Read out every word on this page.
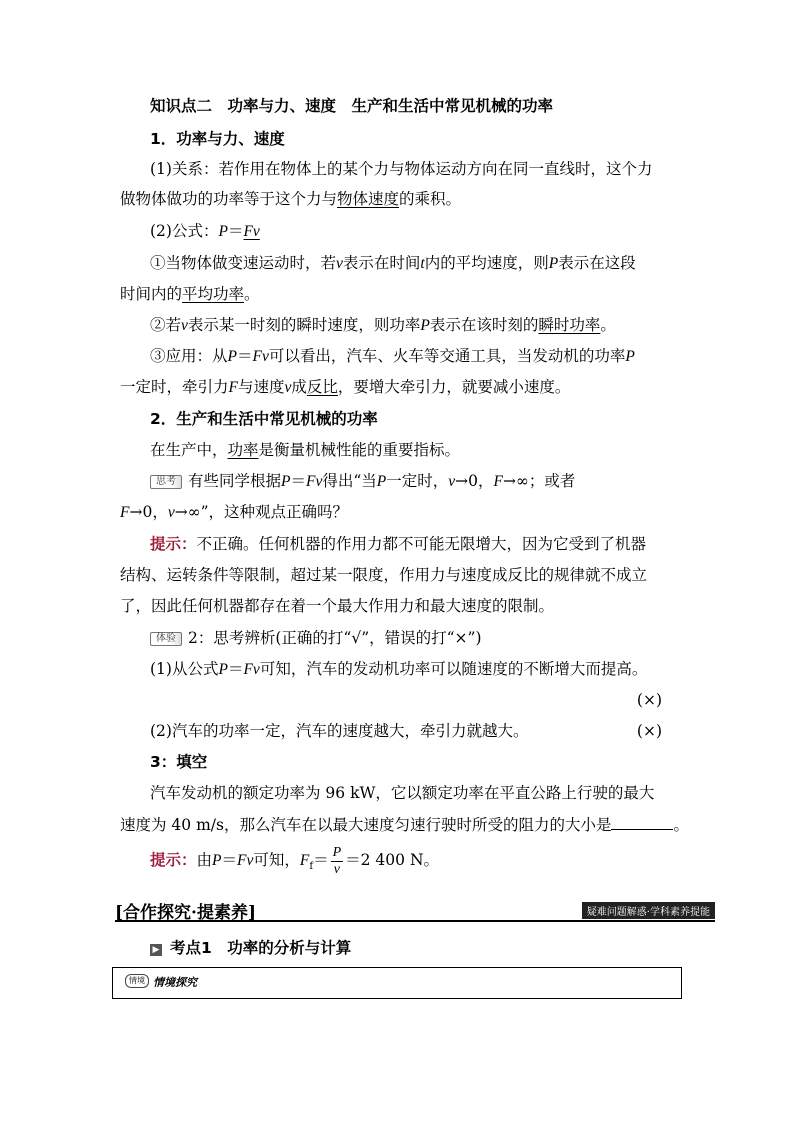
知识点二　功率与力、速度　生产和生活中常见机械的功率
1．功率与力、速度
(1)关系：若作用在物体上的某个力与物体运动方向在同一直线时，这个力
做物体做功的功率等于这个力与物体速度的乘积。
(2)公式：P＝Fv
①当物体做变速运动时，若v表示在时间t内的平均速度，则P表示在这段
时间内的平均功率。
②若v表示某一时刻的瞬时速度，则功率P表示在该时刻的瞬时功率。
③应用：从P＝Fv可以看出，汽车、火车等交通工具，当发动机的功率P
一定时，牵引力F与速度v成反比，要增大牵引力，就要减小速度。
2．生产和生活中常见机械的功率
在生产中，功率是衡量机械性能的重要指标。
思考 有些同学根据P＝Fv得出“当P一定时，v→0，F→∞；或者
F→0，v→∞”，这种观点正确吗？
提示：不正确。任何机器的作用力都不可能无限增大，因为它受到了机器
结构、运转条件等限制，超过某一限度，作用力与速度成反比的规律就不成立
了，因此任何机器都存在着一个最大作用力和最大速度的限制。
体验 2：思考辨析(正确的打“√”，错误的打“×”)
(1)从公式P＝Fv可知，汽车的发动机功率可以随速度的不断增大而提高。
(×)
(2)汽车的功率一定，汽车的速度越大，牵引力就越大。	(×)
3：填空
汽车发动机的额定功率为 96 kW，它以额定功率在平直公路上行驶的最大
速度为 40 m/s，那么汽车在以最大速度匀速行驶时所受的阻力的大小是	。
提示：由P＝Fv可知，$F_f= \frac{P}{v} =2$ 400 N。
[合作探究·提素养]	疑难问题解惑·学科素养提能
▶ 考点1　功率的分析与计算
情境 情境探究
